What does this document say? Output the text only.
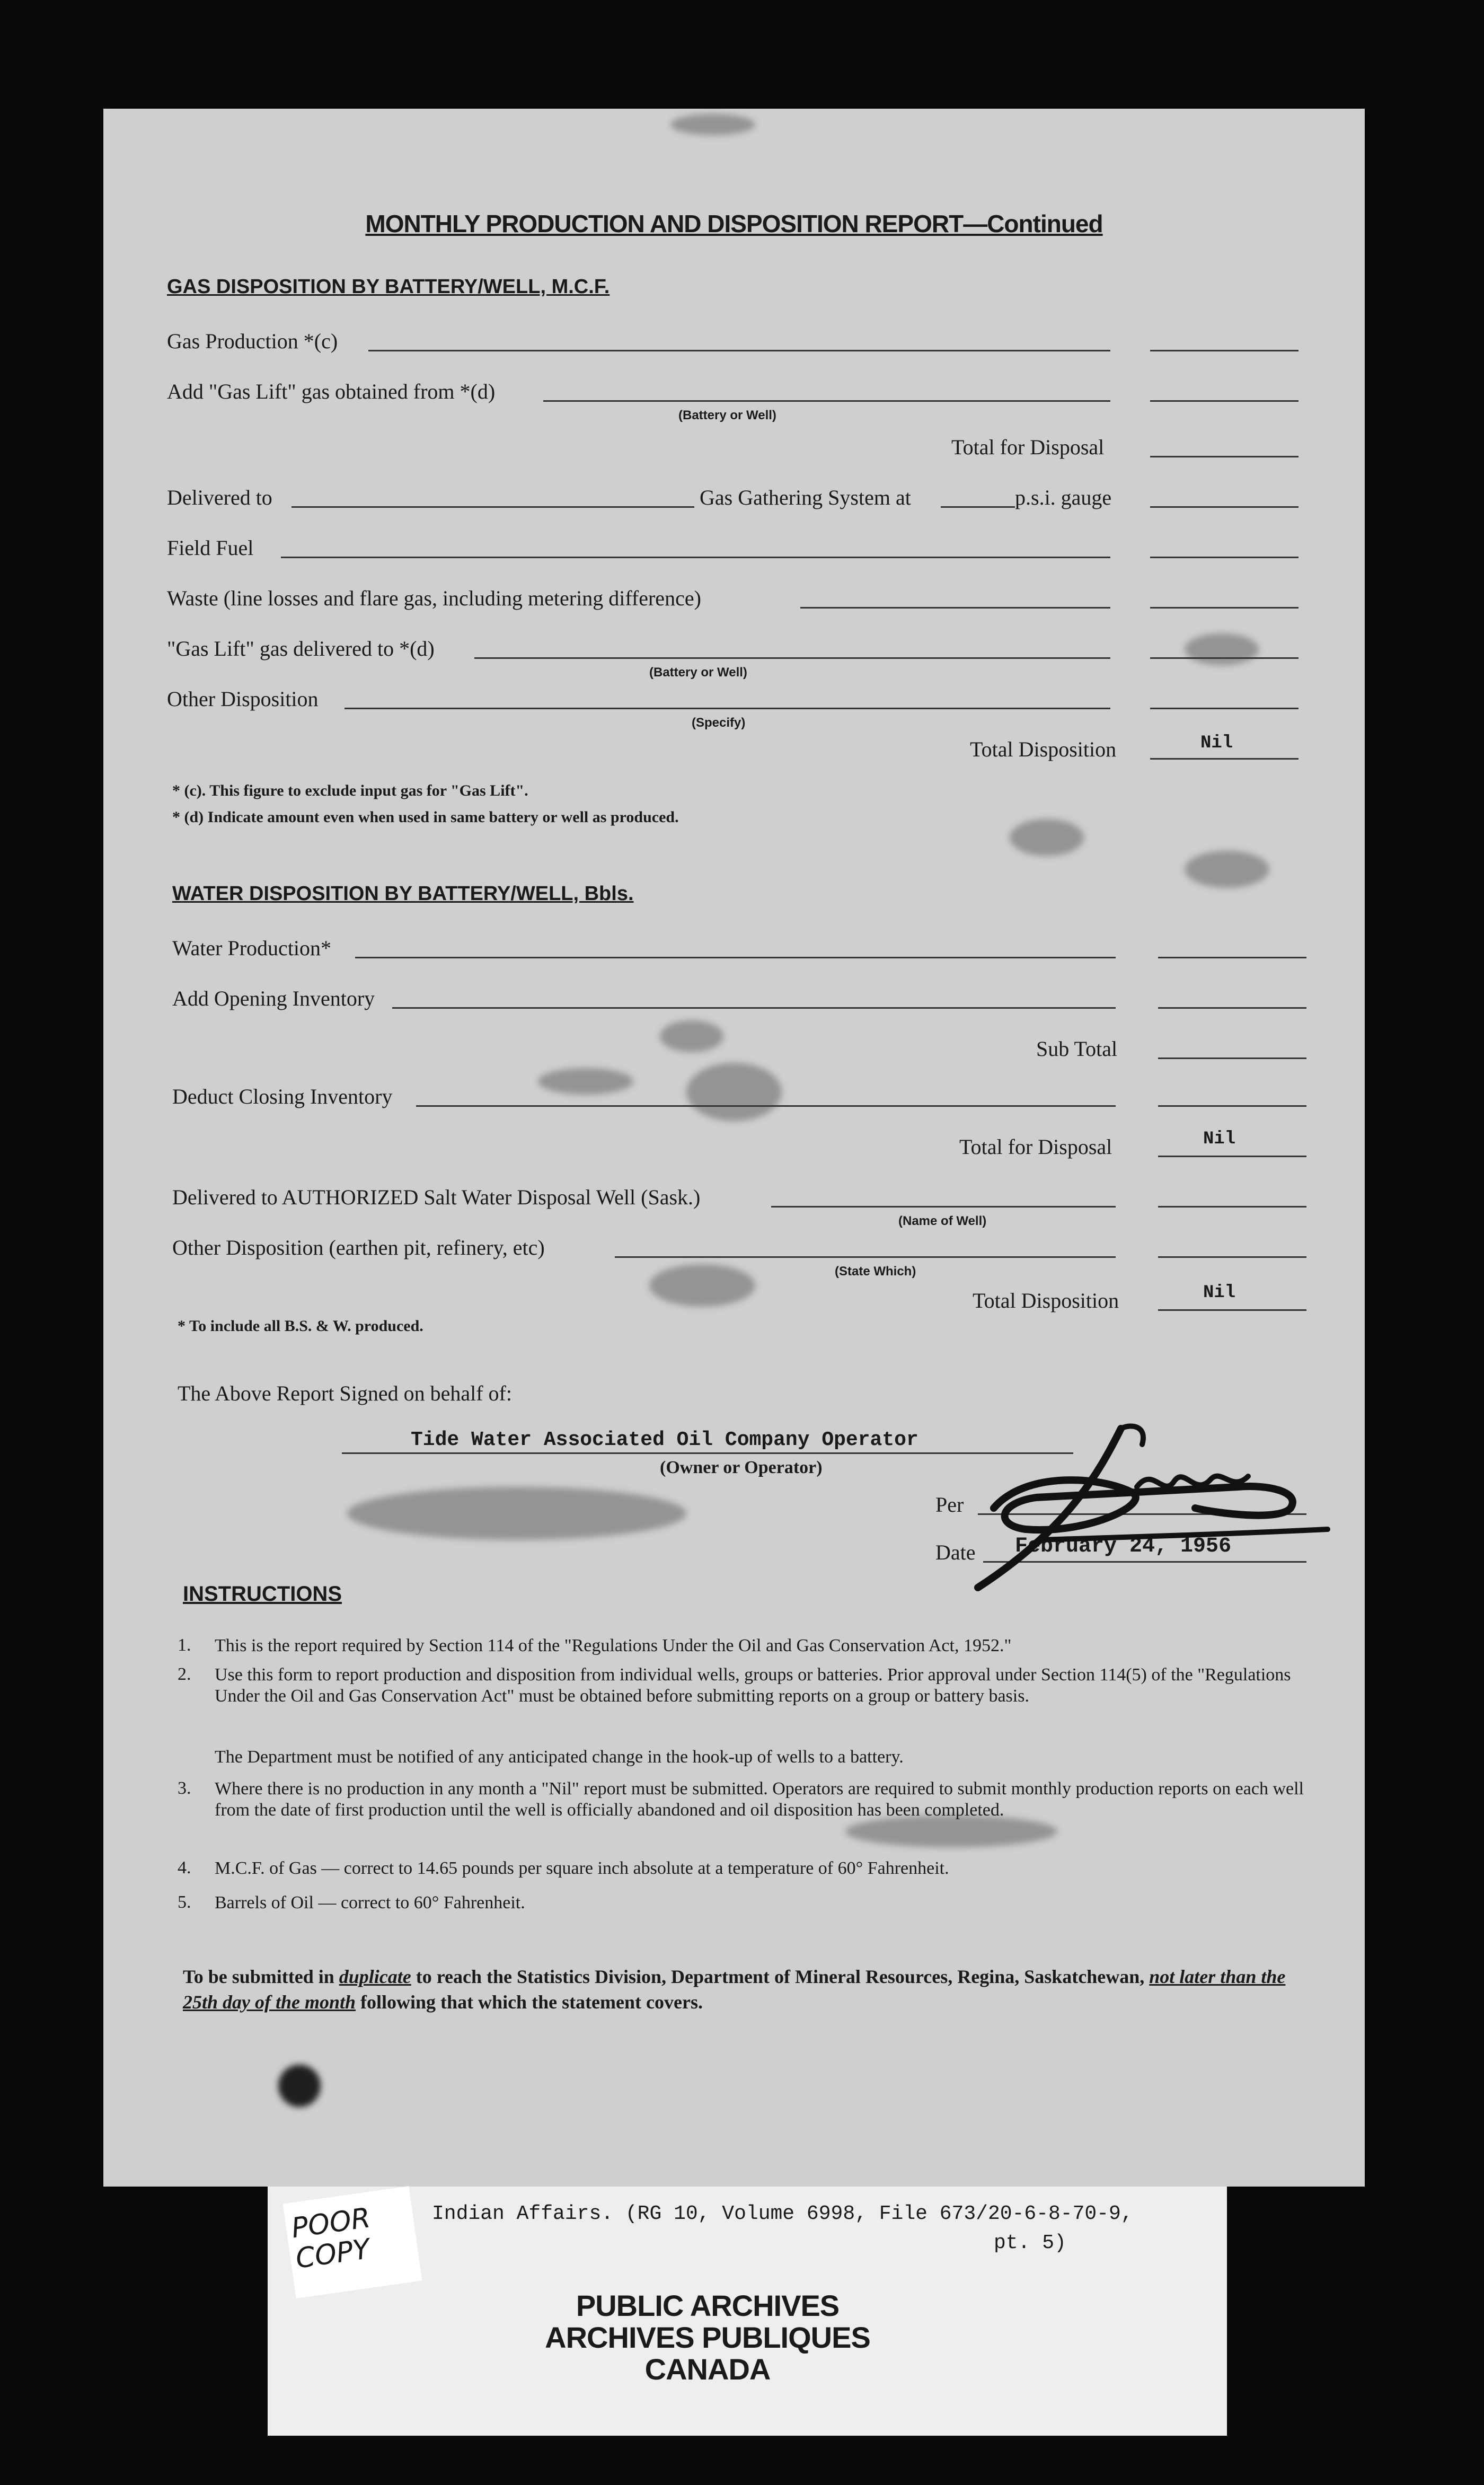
MONTHLY PRODUCTION AND DISPOSITION REPORT—Continued
GAS DISPOSITION BY BATTERY/WELL, M.C.F.
Gas Production *(c)
Add "Gas Lift" gas obtained from *(d)
(Battery or Well)
Total for Disposal
Delivered to	Gas Gathering System at	p.s.i. gauge
Field Fuel
Waste (line losses and flare gas, including metering difference)
"Gas Lift" gas delivered to *(d)
(Battery or Well)
Other Disposition
(Specify)
Total Disposition	Nil
* (c). This figure to exclude input gas for "Gas Lift".
* (d) Indicate amount even when used in same battery or well as produced.
WATER DISPOSITION BY BATTERY/WELL, Bbls.
Water Production*
Add Opening Inventory
Sub Total
Deduct Closing Inventory
Total for Disposal	Nil
Delivered to AUTHORIZED Salt Water Disposal Well (Sask.)
(Name of Well)
Other Disposition (earthen pit, refinery, etc)
(State Which)
Total Disposition	Nil
* To include all B.S. & W. produced.
The Above Report Signed on behalf of:
Tide Water Associated Oil Company Operator
(Owner or Operator)
Per
Date February 24, 1956
INSTRUCTIONS
1. This is the report required by Section 114 of the "Regulations Under the Oil and Gas Conservation Act, 1952."
2. Use this form to report production and disposition from individual wells, groups or batteries. Prior approval under Section 114(5) of the "Regulations Under the Oil and Gas Conservation Act" must be obtained before submitting reports on a group or battery basis.
The Department must be notified of any anticipated change in the hook-up of wells to a battery.
3. Where there is no production in any month a "Nil" report must be submitted. Operators are required to submit monthly production reports on each well from the date of first production until the well is officially abandoned and oil disposition has been completed.
4. M.C.F. of Gas — correct to 14.65 pounds per square inch absolute at a temperature of 60° Fahrenheit.
5. Barrels of Oil — correct to 60° Fahrenheit.
To be submitted in duplicate to reach the Statistics Division, Department of Mineral Resources, Regina, Saskatchewan, not later than the 25th day of the month following that which the statement covers.
Indian Affairs. (RG 10, Volume 6998, File 673/20-6-8-70-9,
pt. 5)
PUBLIC ARCHIVES
ARCHIVES PUBLIQUES
CANADA
POOR COPY
